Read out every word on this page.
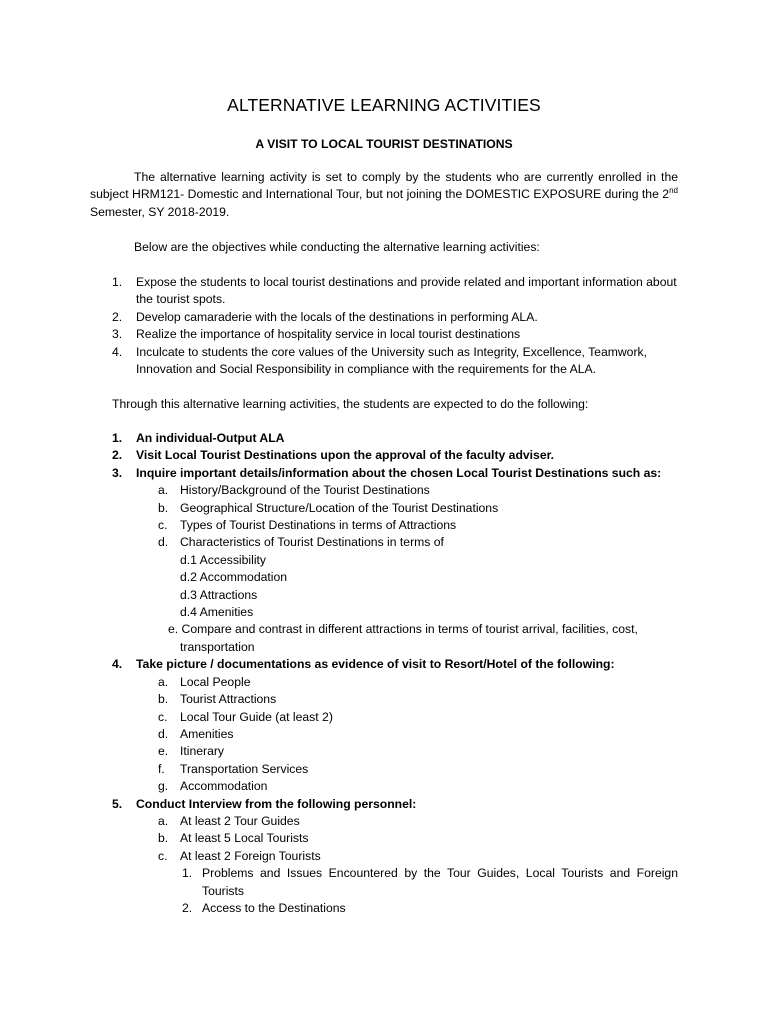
ALTERNATIVE LEARNING ACTIVITIES
A VISIT TO LOCAL TOURIST DESTINATIONS
The alternative learning activity is set to comply by the students who are currently enrolled in the subject HRM121- Domestic and International Tour, but not joining the DOMESTIC EXPOSURE during the 2nd Semester, SY 2018-2019.
Below are the objectives while conducting the alternative learning activities:
1. Expose the students to local tourist destinations and provide related and important information about the tourist spots.
2. Develop camaraderie with the locals of the destinations in performing ALA.
3. Realize the importance of hospitality service in local tourist destinations
4. Inculcate to students the core values of the University such as Integrity, Excellence, Teamwork, Innovation and Social Responsibility in compliance with the requirements for the ALA.
Through this alternative learning activities, the students are expected to do the following:
1. An individual-Output ALA
2. Visit Local Tourist Destinations upon the approval of the faculty adviser.
3. Inquire important details/information about the chosen Local Tourist Destinations such as:
a. History/Background of the Tourist Destinations
b. Geographical Structure/Location of the Tourist Destinations
c. Types of Tourist Destinations in terms of Attractions
d. Characteristics of Tourist Destinations in terms of
d.1 Accessibility
d.2 Accommodation
d.3 Attractions
d.4 Amenities
e. Compare and contrast in different attractions in terms of tourist arrival, facilities, cost,
transportation
4. Take picture / documentations as evidence of visit to Resort/Hotel of the following:
a. Local People
b. Tourist Attractions
c. Local Tour Guide (at least 2)
d. Amenities
e. Itinerary
f. Transportation Services
g. Accommodation
5. Conduct Interview from the following personnel:
a. At least 2 Tour Guides
b. At least 5 Local Tourists
c. At least 2 Foreign Tourists
1. Problems and Issues Encountered by the Tour Guides, Local Tourists and Foreign Tourists
2. Access to the Destinations
